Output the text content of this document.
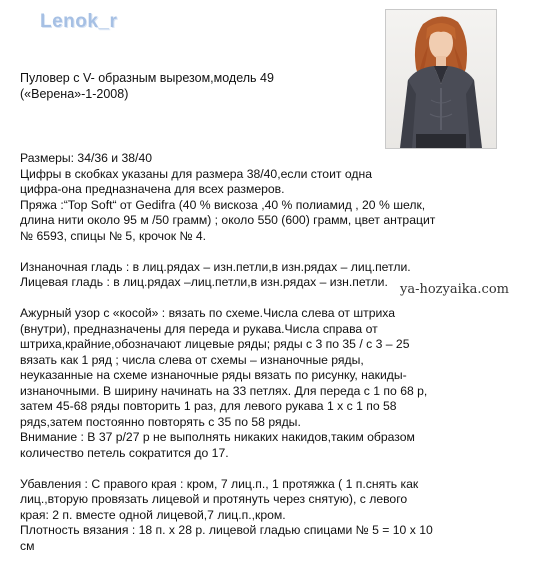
Lenok_r
Пуловер с V- образным вырезом,модель 49
(«Верена»-1-2008)
Размеры: 34/36 и 38/40
Цифры в скобках указаны для размера 38/40,если стоит одна
цифра-она предназначена для всех размеров.
Пряжа :“Top Soft“ от Gedifra (40 % вискоза ,40 % полиамид , 20 % шелк,
длина нити около 95 м /50 грамм) ; около 550 (600) грамм, цвет антрацит
№ 6593, спицы № 5, крочок № 4.
Изнаночная гладь : в лиц.рядах – изн.петли,в изн.рядах – лиц.петли.
Лицевая гладь : в лиц.рядах –лиц.петли,в изн.рядах – изн.петли.
Ажурный узор с «косой» : вязать по схеме.Числа слева от штриха
(внутри), предназначены для переда и рукава.Числа справа от
штриха,крайние,обозначают лицевые ряды; ряды с 3 по 35 / с 3 – 25
вязать как 1 ряд ; числа слева от схемы – изнаночные ряды,
неуказанные на схеме изнаночные ряды вязать по рисунку, накиды-
изнаночными. В ширину начинать на 33 петлях. Для переда с 1 по 68 р,
затем 45-68 ряды повторить 1 раз, для левого рукава 1 х с 1 по 58
рядs,затем постоянно повторять с 35 по 58 ряды.
Внимание : В 37 р/27 р не выполнять никаких накидов,таким образом
количество петель сократится до 17.
Убавления : С правого края : кром, 7 лиц.п., 1 протяжка ( 1 п.снять как
лиц.,вторую провязать лицевой и протянуть через снятую), с левого
края: 2 п. вместе одной лицевой,7 лиц.п.,кром.
Плотность вязания : 18 п. х 28 р. лицевой гладью спицами № 5 = 10 х 10
см
ya-hozyaika.com
